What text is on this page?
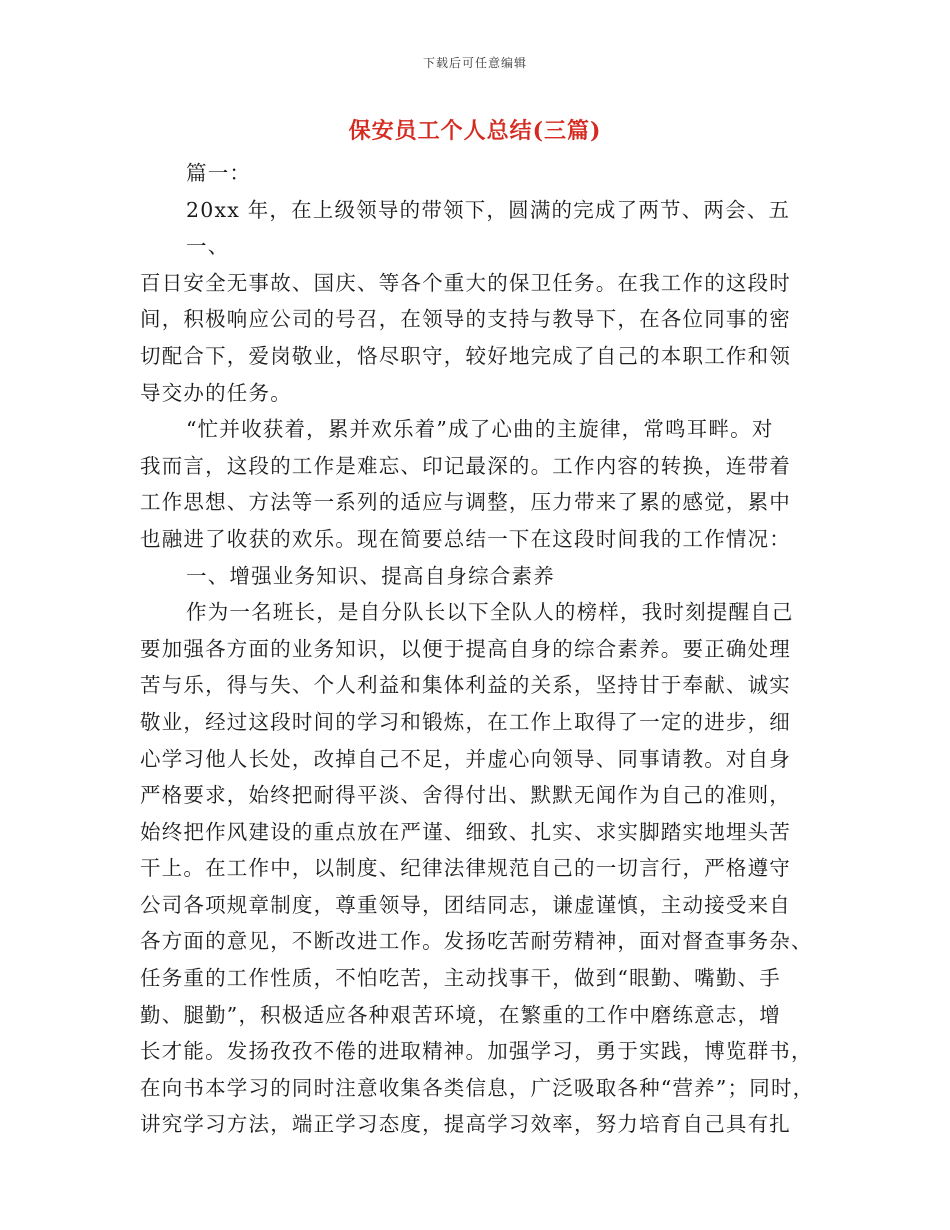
下载后可任意编辑
保安员工个人总结(三篇)

篇一：

20xx 年，在上级领导的带领下，圆满的完成了两节、两会、五一、

百日安全无事故、国庆、等各个重大的保卫任务。在我工作的这段时

间，积极响应公司的号召，在领导的支持与教导下，在各位同事的密

切配合下，爱岗敬业，恪尽职守，较好地完成了自己的本职工作和领

导交办的任务。

“忙并收获着，累并欢乐着”成了心曲的主旋律，常鸣耳畔。对

我而言，这段的工作是难忘、印记最深的。工作内容的转换，连带着

工作思想、方法等一系列的适应与调整，压力带来了累的感觉，累中

也融进了收获的欢乐。现在简要总结一下在这段时间我的工作情况：

一、增强业务知识、提高自身综合素养

作为一名班长，是自分队长以下全队人的榜样，我时刻提醒自己

要加强各方面的业务知识，以便于提高自身的综合素养。要正确处理

苦与乐，得与失、个人利益和集体利益的关系，坚持甘于奉献、诚实

敬业，经过这段时间的学习和锻炼，在工作上取得了一定的进步，细

心学习他人长处，改掉自己不足，并虚心向领导、同事请教。对自身

严格要求，始终把耐得平淡、舍得付出、默默无闻作为自己的准则，

始终把作风建设的重点放在严谨、细致、扎实、求实脚踏实地埋头苦

干上。在工作中，以制度、纪律法律规范自己的一切言行，严格遵守

公司各项规章制度，尊重领导，团结同志，谦虚谨慎，主动接受来自

各方面的意见，不断改进工作。发扬吃苦耐劳精神，面对督查事务杂、

任务重的工作性质，不怕吃苦，主动找事干，做到“眼勤、嘴勤、手

勤、腿勤”，积极适应各种艰苦环境，在繁重的工作中磨练意志，增

长才能。发扬孜孜不倦的进取精神。加强学习，勇于实践，博览群书，

在向书本学习的同时注意收集各类信息，广泛吸取各种“营养”；同时，

讲究学习方法，端正学习态度，提高学习效率，努力培育自己具有扎
